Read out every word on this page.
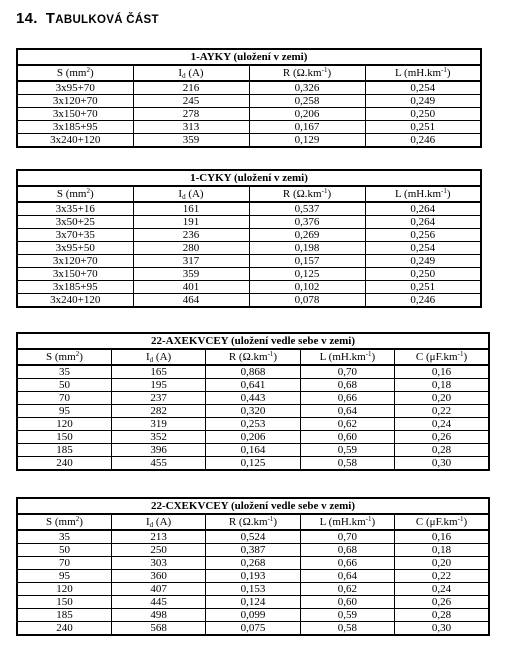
14. TABULKOVÁ ČÁST
1-AYKY (uložení v zemi)			
S $(mm^2)$	$I_d$ (A)	R $(\Omega.km^{-1})$	L $(mH.km^{-1})$
3x95+70	216	0,326	0,254
3x120+70	245	0,258	0,249
3x150+70	278	0,206	0,250
3x185+95	313	0,167	0,251
3x240+120	359	0,129	0,246
1-CYKY (uložení v zemi)			
S $(mm^2)$	$I_d$ (A)	R $(\Omega.km^{-1})$	L $(mH.km^{-1})$
3x35+16	161	0,537	0,264
3x50+25	191	0,376	0,264
3x70+35	236	0,269	0,256
3x95+50	280	0,198	0,254
3x120+70	317	0,157	0,249
3x150+70	359	0,125	0,250
3x185+95	401	0,102	0,251
3x240+120	464	0,078	0,246
22-AXEKVCEY (uložení vedle sebe v zemi)				
S $(mm^2)$	$I_d$ (A)	R $(\Omega.km^{-1})$	L $(mH.km^{-1})$	C $(\mu F.km^{-1})$
35	165	0,868	0,70	0,16
50	195	0,641	0,68	0,18
70	237	0,443	0,66	0,20
95	282	0,320	0,64	0,22
120	319	0,253	0,62	0,24
150	352	0,206	0,60	0,26
185	396	0,164	0,59	0,28
240	455	0,125	0,58	0,30
22-CXEKVCEY (uložení vedle sebe v zemi)				
S $(mm^2)$	$I_d$ (A)	R $(\Omega.km^{-1})$	L $(mH.km^{-1})$	C $(\mu F.km^{-1})$
35	213	0,524	0,70	0,16
50	250	0,387	0,68	0,18
70	303	0,268	0,66	0,20
95	360	0,193	0,64	0,22
120	407	0,153	0,62	0,24
150	445	0,124	0,60	0,26
185	498	0,099	0,59	0,28
240	568	0,075	0,58	0,30
